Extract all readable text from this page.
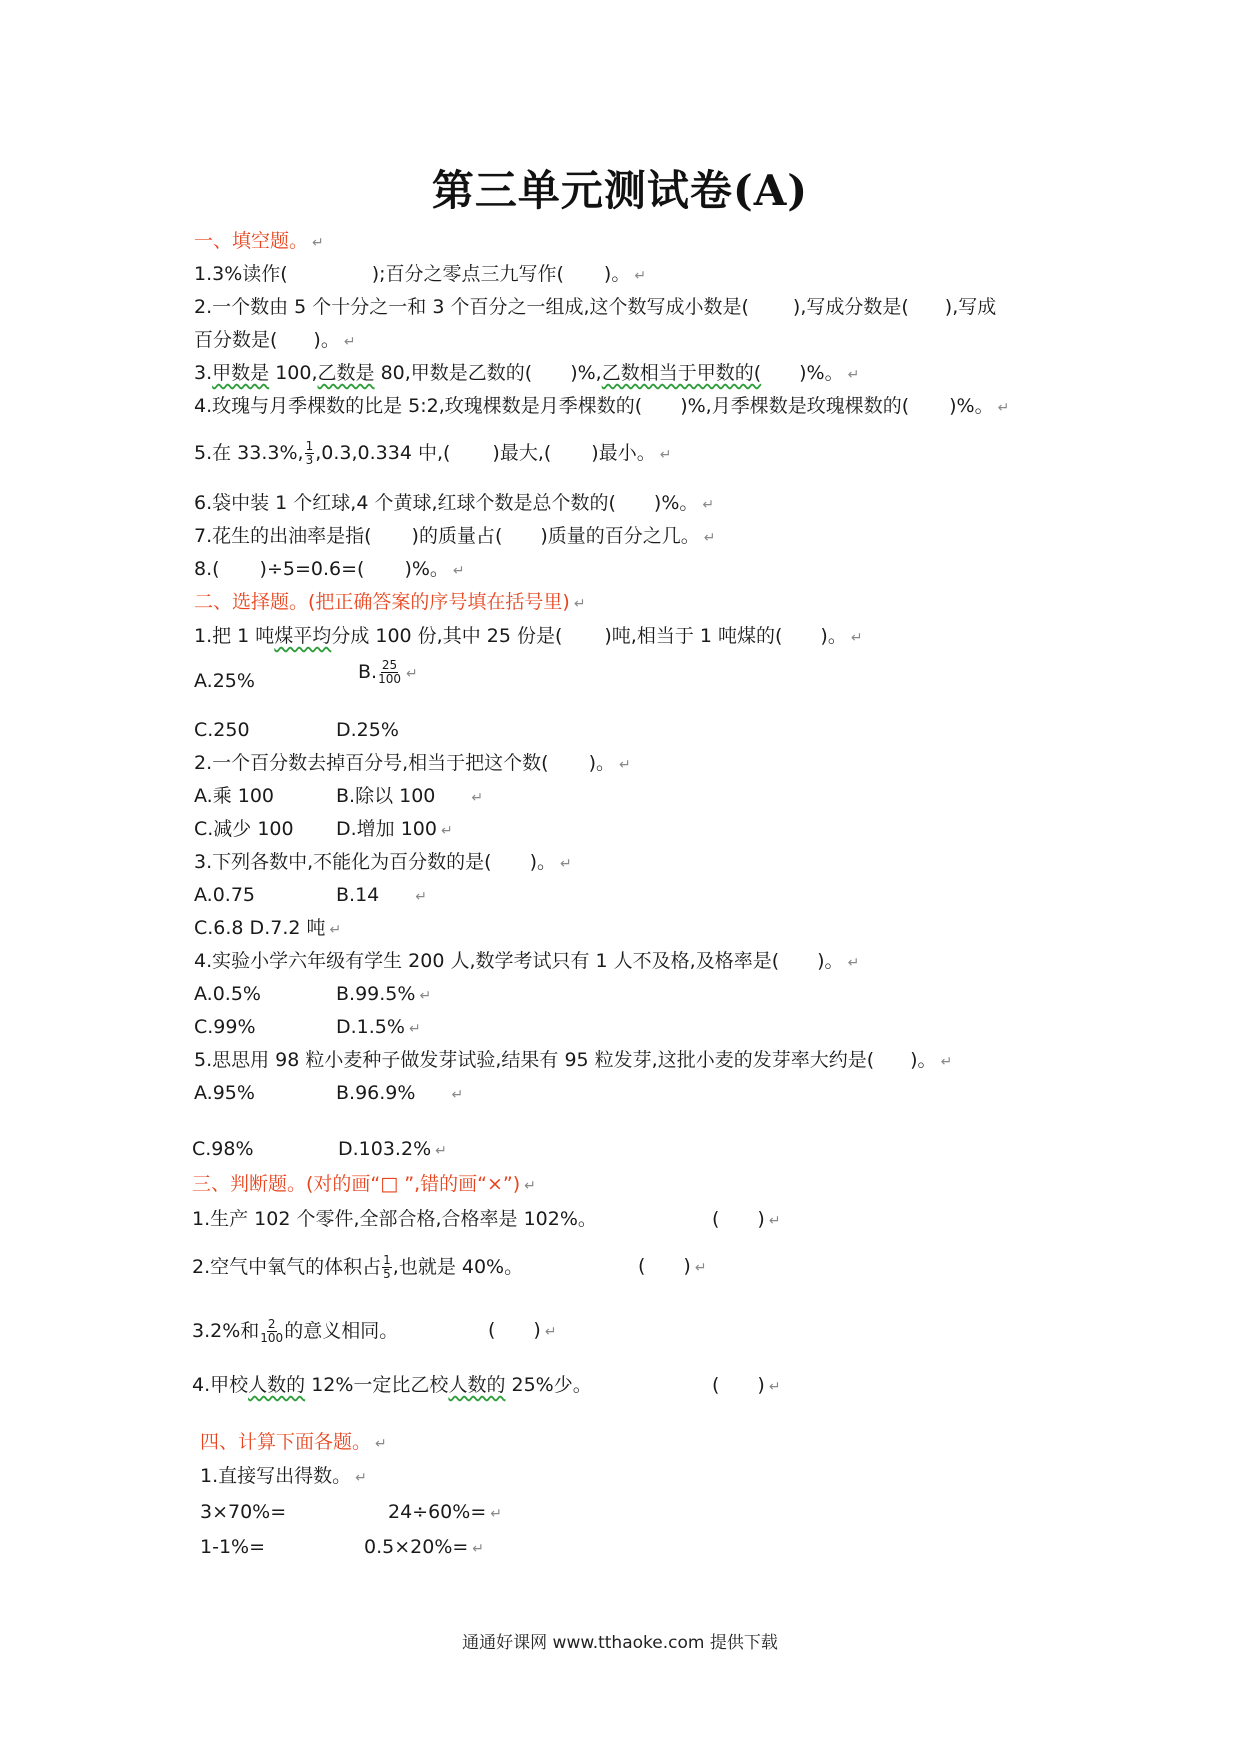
第三单元测试卷(A)
一、填空题。 ↵
1.3%读作(	);百分之零点三九写作( )。 ↵
2.一个数由 5 个十分之一和 3 个百分之一组成,这个数写成小数是( ),写成分数是( ),写成
百分数是( )。 ↵
3.甲数是 100,乙数是 80,甲数是乙数的( )%,乙数相当于甲数的( )%。 ↵
4.玫瑰与月季棵数的比是 5:2,玫瑰棵数是月季棵数的( )%,月季棵数是玫瑰棵数的( )%。 ↵
5.在 33.3%, $\frac{1}{3} ,0.3,0.334$ 中,( )最大,( )最小。 ↵
6.袋中装 1 个红球,4 个黄球,红球个数是总个数的( )%。 ↵
7.花生的出油率是指( )的质量占( )质量的百分之几。 ↵
8.( )÷5=0.6=( )%。 ↵
二、选择题。(把正确答案的序号填在括号里) ↵
1.把 1 吨煤平均分成 100 份,其中 25 份是( )吨,相当于 1 吨煤的( )。 ↵
A.25%	B. $\frac{25}{100}$ ↵
C.250	D.25%
2.一个百分数去掉百分号,相当于把这个数( )。 ↵
A.乘 100	B.除以 100	↵
C.减少 100 D.增加 100 ↵
3.下列各数中,不能化为百分数的是( )。 ↵
A.0.75	B.14	↵
C.6.8 D.7.2 吨 ↵
4.实验小学六年级有学生 200 人,数学考试只有 1 人不及格,及格率是( )。 ↵
A.0.5%	B.99.5% ↵
C.99%	D.1.5% ↵
5.思思用 98 粒小麦种子做发芽试验,结果有 95 粒发芽,这批小麦的发芽率大约是( )。 ↵
A.95%	B.96.9%	↵
C.98%	D.103.2% ↵
三、判断题。(对的画“□ ”,错的画“×”) ↵
1.生产 102 个零件,全部合格,合格率是 102%。	( ) ↵
2.空气中氧气的体积占 $\frac{1}{5}$ ,也就是 40%。	( ) ↵
3.2%和 $\frac{2}{100}$ 的意义相同。	( ) ↵
4.甲校人数的 12%一定比乙校人数的 25%少。	( ) ↵
四、计算下面各题。 ↵
1.直接写出得数。 ↵
3×70%=	24÷60%= ↵
1-1%=	0.5×20%= ↵
通通好课网 www.tthaoke.com 提供下载
